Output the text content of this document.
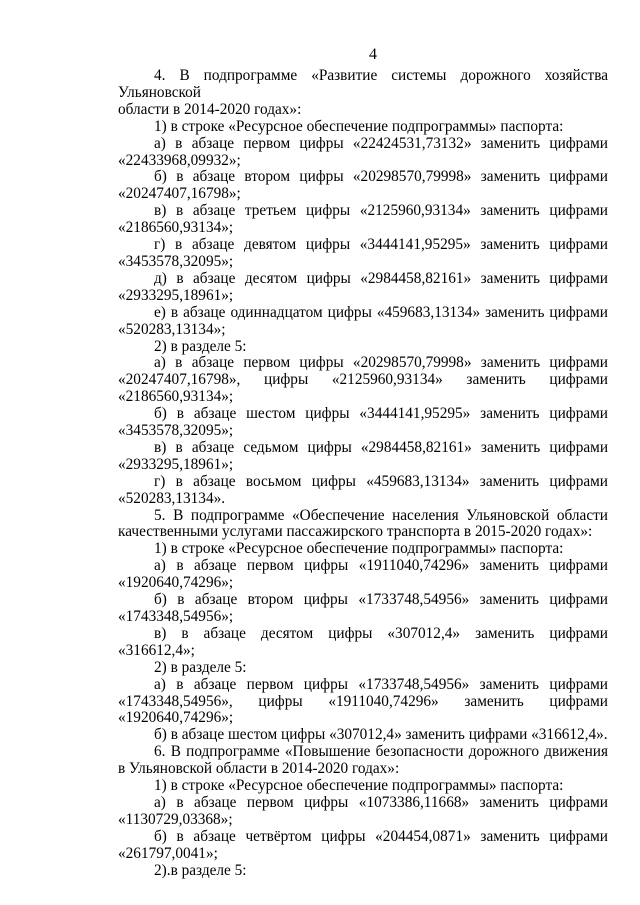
4

4. В подпрограмме «Развитие системы дорожного хозяйства Ульяновской

области в 2014-2020 годах»:

1) в строке «Ресурсное обеспечение подпрограммы» паспорта:

а) в абзаце первом цифры «22424531,73132» заменить цифрами

«22433968,09932»;

б) в абзаце втором цифры «20298570,79998» заменить цифрами

«20247407,16798»;

в) в абзаце третьем цифры «2125960,93134» заменить цифрами

«2186560,93134»;

г) в абзаце девятом цифры «3444141,95295» заменить цифрами

«3453578,32095»;

д) в абзаце десятом цифры «2984458,82161» заменить цифрами

«2933295,18961»;

е) в абзаце одиннадцатом цифры «459683,13134» заменить цифрами

«520283,13134»;

2) в разделе 5:

а) в абзаце первом цифры «20298570,79998» заменить цифрами

«20247407,16798», цифры «2125960,93134» заменить цифрами

«2186560,93134»;

б) в абзаце шестом цифры «3444141,95295» заменить цифрами

«3453578,32095»;

в) в абзаце седьмом цифры «2984458,82161» заменить цифрами

«2933295,18961»;

г) в абзаце восьмом цифры «459683,13134» заменить цифрами

«520283,13134».

5. В подпрограмме «Обеспечение населения Ульяновской области

качественными услугами пассажирского транспорта в 2015-2020 годах»:

1) в строке «Ресурсное обеспечение подпрограммы» паспорта:

а) в абзаце первом цифры «1911040,74296» заменить цифрами

«1920640,74296»;

б) в абзаце втором цифры «1733748,54956» заменить цифрами

«1743348,54956»;

в) в абзаце десятом цифры «307012,4» заменить цифрами «316612,4»;

2) в разделе 5:

а) в абзаце первом цифры «1733748,54956» заменить цифрами

«1743348,54956», цифры «1911040,74296» заменить цифрами «1920640,74296»;

б) в абзаце шестом цифры «307012,4» заменить цифрами «316612,4».

6. В подпрограмме «Повышение безопасности дорожного движения

в Ульяновской области в 2014-2020 годах»:

1) в строке «Ресурсное обеспечение подпрограммы» паспорта:

а) в абзаце первом цифры «1073386,11668» заменить цифрами

«1130729,03368»;

б) в абзаце четвёртом цифры «204454,0871» заменить цифрами

«261797,0041»;

2).в разделе 5:
